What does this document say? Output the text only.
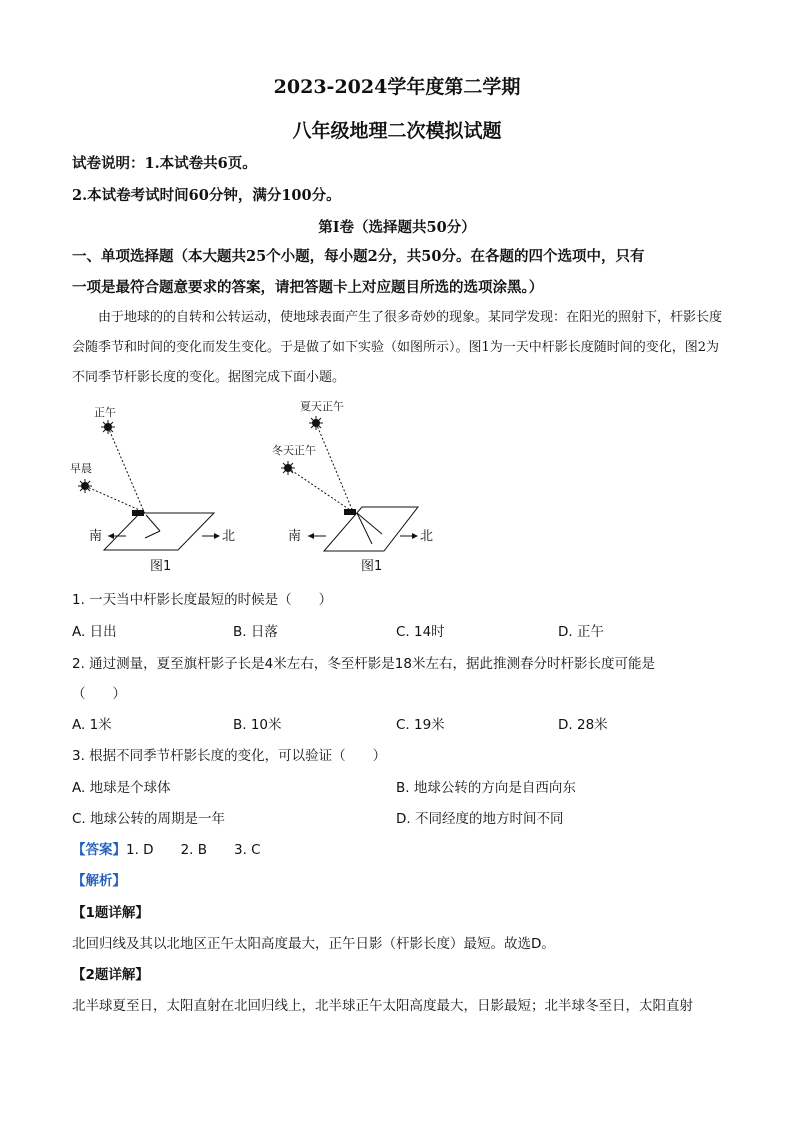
2023-2024学年度第二学期
八年级地理二次模拟试题
试卷说明：1.本试卷共6页。
2.本试卷考试时间60分钟，满分100分。
第Ⅰ卷（选择题共50分）
一、单项选择题（本大题共25个小题，每小题2分，共50分。在各题的四个选项中，只有
一项是最符合题意要求的答案，请把答题卡上对应题目所选的选项涂黑。）
由于地球的的自转和公转运动，使地球表面产生了很多奇妙的现象。某同学发现：在阳光的照射下，杆影长度会随季节和时间的变化而发生变化。于是做了如下实验（如图所示）。图1为一天中杆影长度随时间的变化，图2为不同季节杆影长度的变化。据图完成下面小题。
正午
早晨
南	北
图1
夏天正午
冬天正午
南	北
图1
1. 一天当中杆影长度最短的时候是（　　）
A. 日出	B. 日落	C. 14时	D. 正午
2. 通过测量，夏至旗杆影子长是4米左右，冬至杆影是18米左右，据此推测春分时杆影长度可能是
（　　）
A. 1米	B. 10米	C. 19米	D. 28米
3. 根据不同季节杆影长度的变化，可以验证（　　）
A. 地球是个球体	B. 地球公转的方向是自西向东
C. 地球公转的周期是一年	D. 不同经度的地方时间不同
【答案】1. D　　2. B　　3. C
【解析】
【1题详解】
北回归线及其以北地区正午太阳高度最大，正午日影（杆影长度）最短。故选D。
【2题详解】
北半球夏至日，太阳直射在北回归线上，北半球正午太阳高度最大，日影最短；北半球冬至日，太阳直射
